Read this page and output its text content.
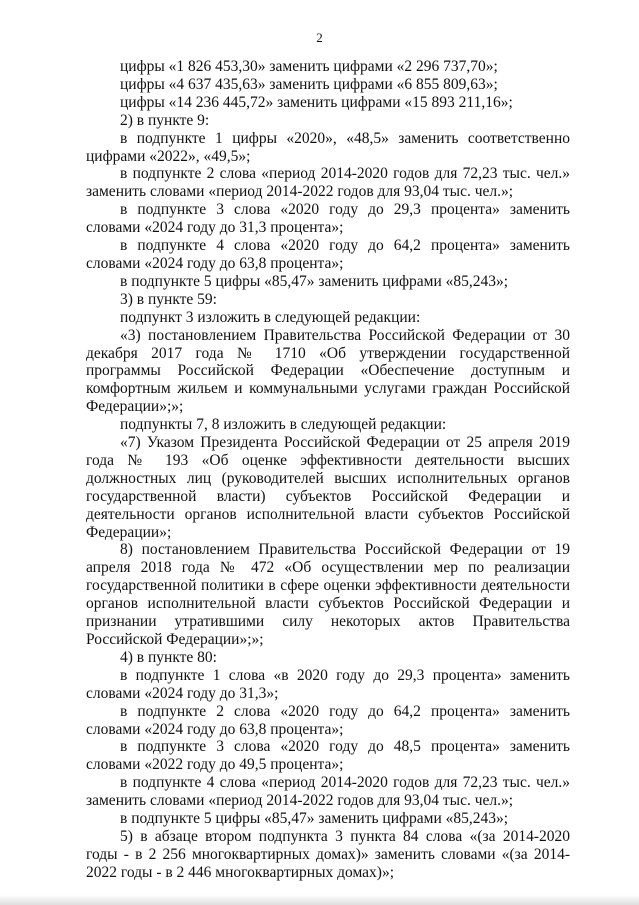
2

цифры «1 826 453,30» заменить цифрами «2 296 737,70»;

цифры «4 637 435,63» заменить цифрами «6 855 809,63»;

цифры «14 236 445,72» заменить цифрами «15 893 211,16»;

2) в пункте 9:

в подпункте 1 цифры «2020», «48,5» заменить соответственно цифрами «2022», «49,5»;

в подпункте 2 слова «период 2014-2020 годов для 72,23 тыс. чел.» заменить словами «период 2014-2022 годов для 93,04 тыс. чел.»;

в подпункте 3 слова «2020 году до 29,3 процента» заменить словами «2024 году до 31,3 процента»;

в подпункте 4 слова «2020 году до 64,2 процента» заменить словами «2024 году до 63,8 процента»;

в подпункте 5 цифры «85,47» заменить цифрами «85,243»;

3) в пункте 59:

подпункт 3 изложить в следующей редакции:

«3) постановлением Правительства Российской Федерации от 30 декабря 2017 года № 1710 «Об утверждении государственной программы Российской Федерации «Обеспечение доступным и комфортным жильем и коммунальными услугами граждан Российской Федерации»;»;

подпункты 7, 8 изложить в следующей редакции:

«7) Указом Президента Российской Федерации от 25 апреля 2019 года № 193 «Об оценке эффективности деятельности высших должностных лиц (руководителей высших исполнительных органов государственной власти) субъектов Российской Федерации и деятельности органов исполнительной власти субъектов Российской Федерации»;

8) постановлением Правительства Российской Федерации от 19 апреля 2018 года № 472 «Об осуществлении мер по реализации государственной политики в сфере оценки эффективности деятельности органов исполнительной власти субъектов Российской Федерации и признании утратившими силу некоторых актов Правительства Российской Федерации»;»;

4) в пункте 80:

в подпункте 1 слова «в 2020 году до 29,3 процента» заменить словами «2024 году до 31,3»;

в подпункте 2 слова «2020 году до 64,2 процента» заменить словами «2024 году до 63,8 процента»;

в подпункте 3 слова «2020 году до 48,5 процента» заменить словами «2022 году до 49,5 процента»;

в подпункте 4 слова «период 2014-2020 годов для 72,23 тыс. чел.» заменить словами «период 2014-2022 годов для 93,04 тыс. чел.»;

в подпункте 5 цифры «85,47» заменить цифрами «85,243»;

5) в абзаце втором подпункта 3 пункта 84 слова «(за 2014-2020 годы - в 2 256 многоквартирных домах)» заменить словами «(за 2014-2022 годы - в 2 446 многоквартирных домах)»;
